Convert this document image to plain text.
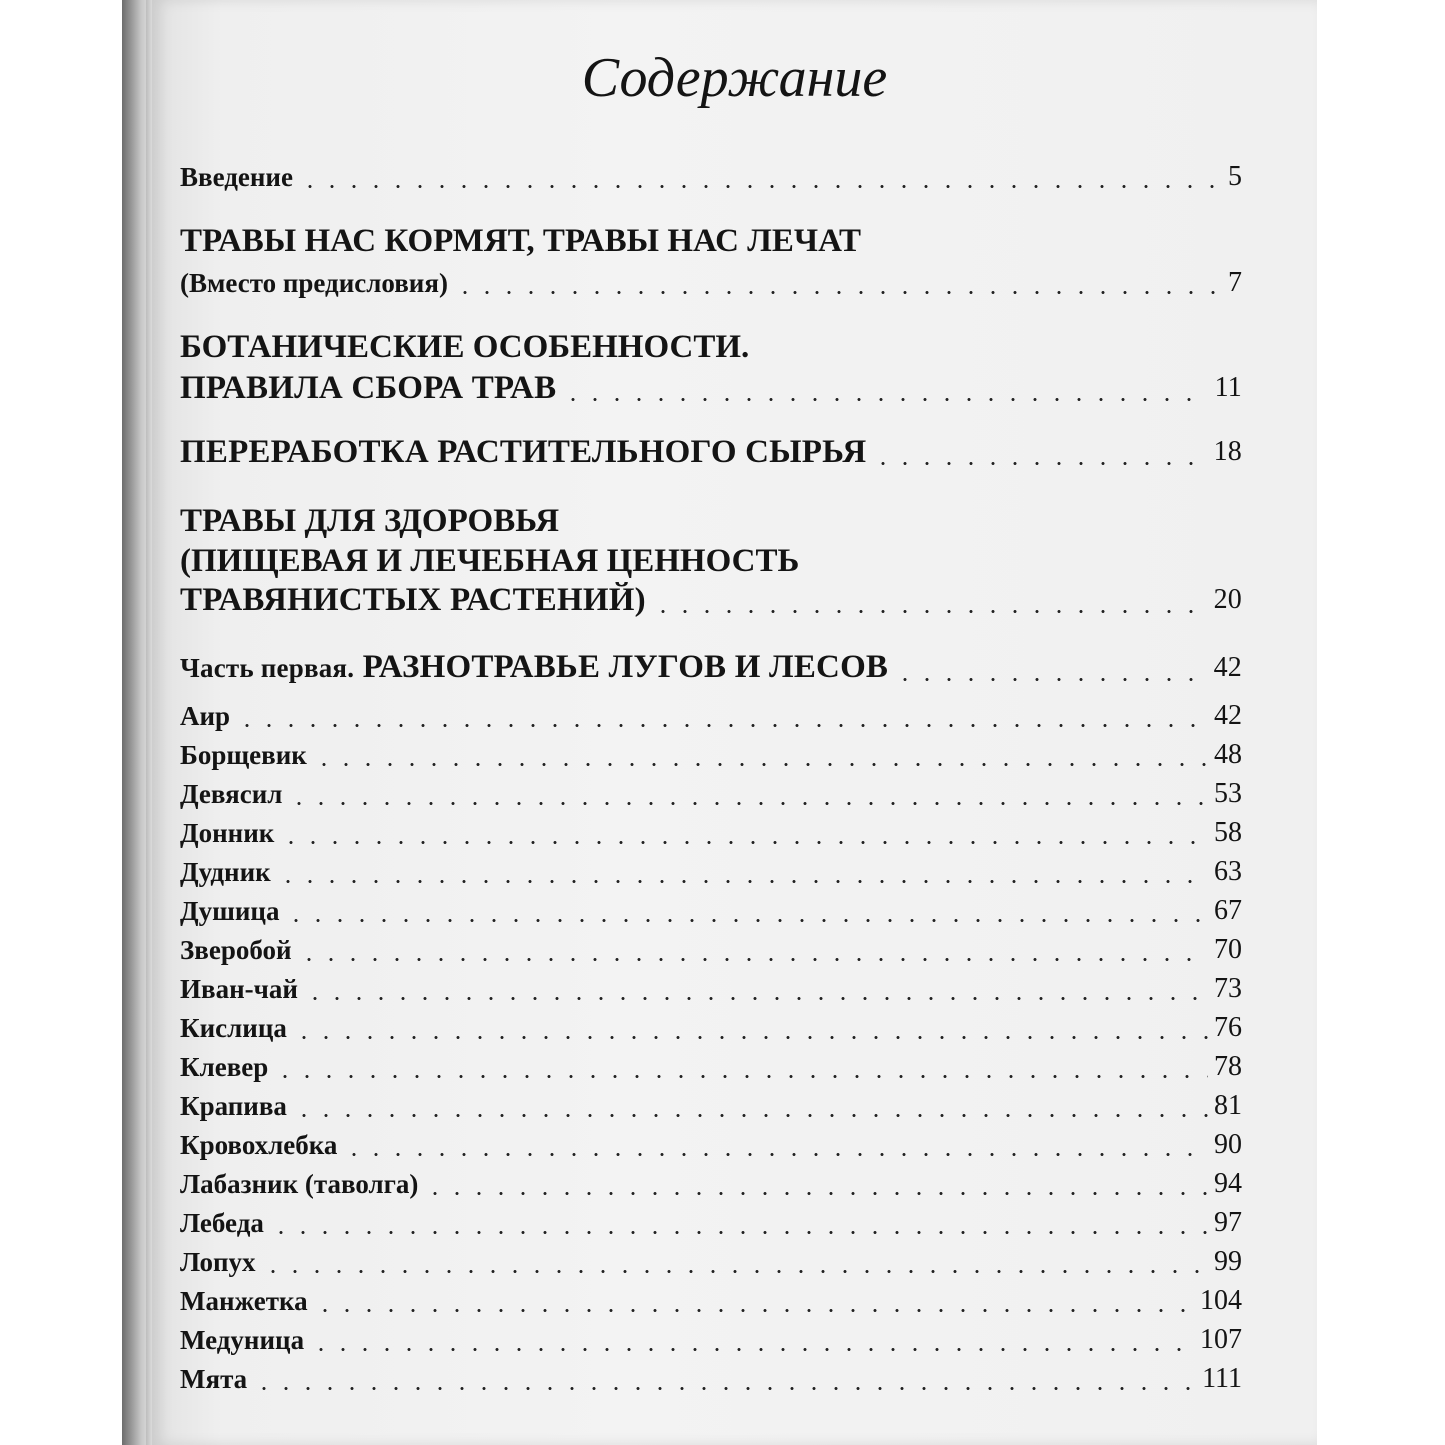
Содержание
Введение	5
ТРАВЫ НАС КОРМЯТ, ТРАВЫ НАС ЛЕЧАТ
(Вместо предисловия)	7
БОТАНИЧЕСКИЕ ОСОБЕННОСТИ.
ПРАВИЛА СБОРА ТРАВ	11
ПЕРЕРАБОТКА РАСТИТЕЛЬНОГО СЫРЬЯ	18
ТРАВЫ ДЛЯ ЗДОРОВЬЯ
(ПИЩЕВАЯ И ЛЕЧЕБНАЯ ЦЕННОСТЬ
ТРАВЯНИСТЫХ РАСТЕНИЙ)	20
Часть первая. РАЗНОТРАВЬЕ ЛУГОВ И ЛЕСОВ	42
Аир	42
Борщевик	48
Девясил	53
Донник	58
Дудник	63
Душица	67
Зверобой	70
Иван-чай	73
Кислица	76
Клевер	78
Крапива	81
Кровохлебка	90
Лабазник (таволга)	94
Лебеда	97
Лопух	99
Манжетка	104
Медуница	107
Мята	111
